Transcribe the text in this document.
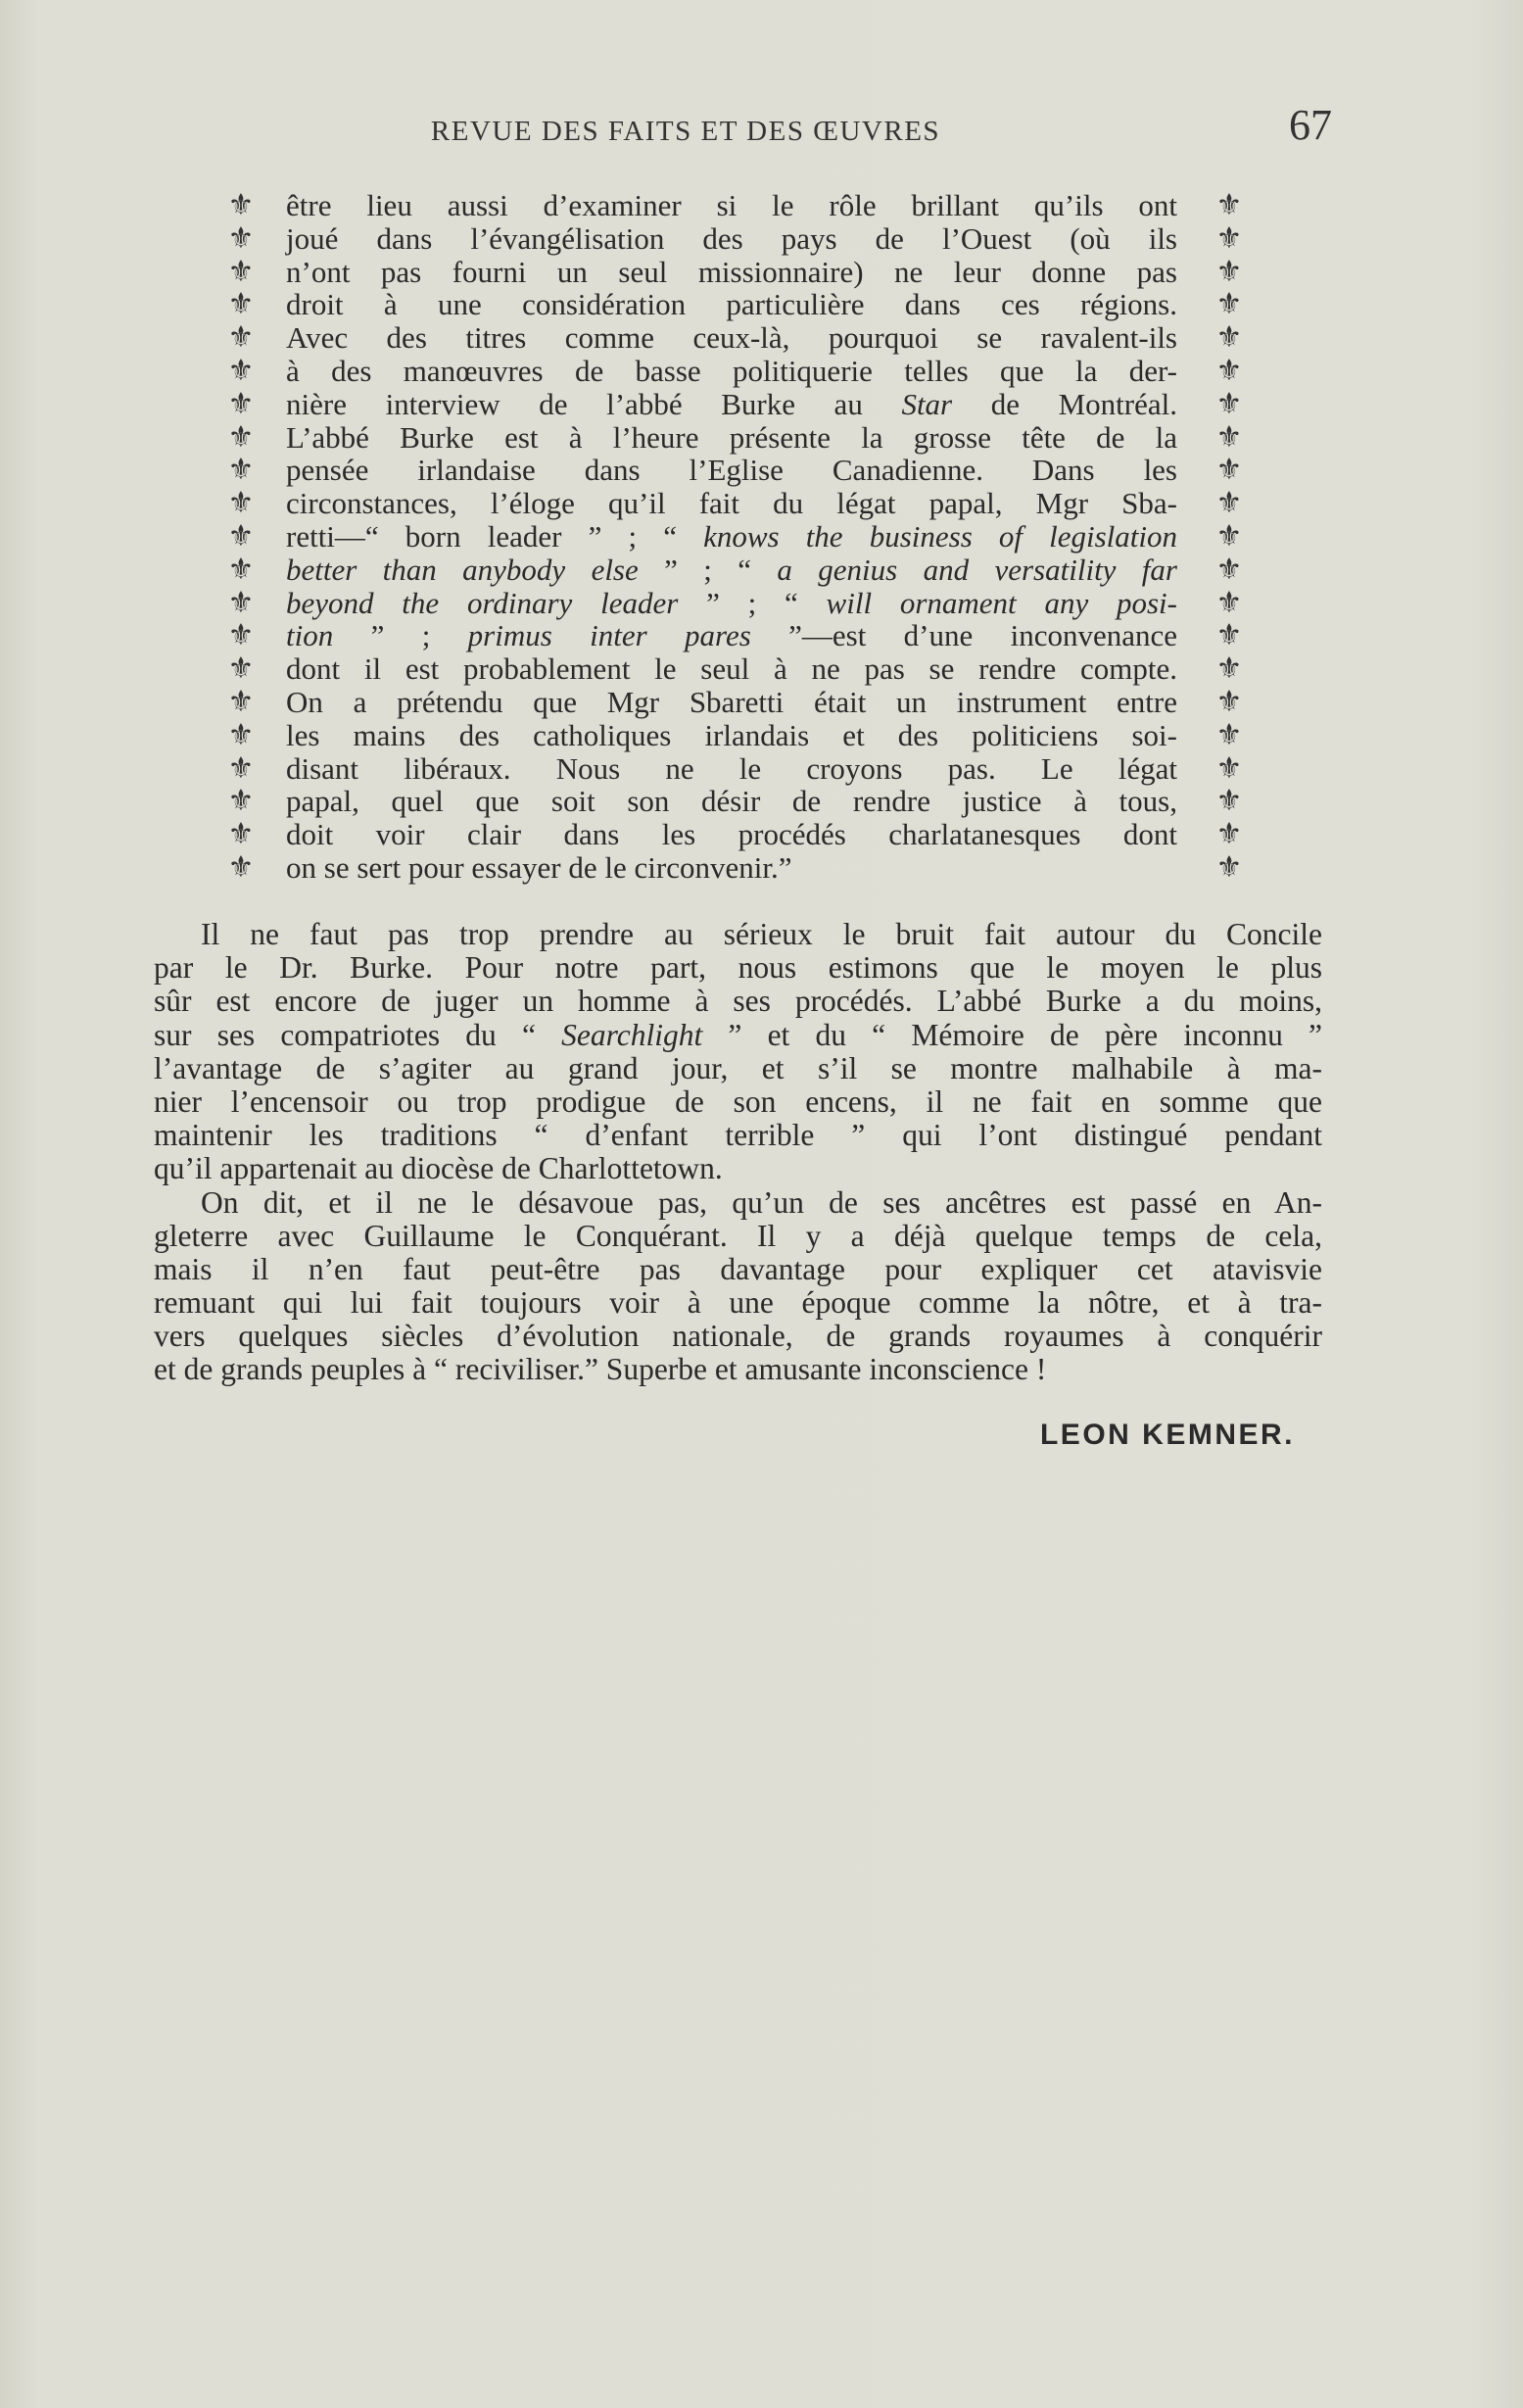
REVUE DES FAITS ET DES ŒUVRES	67
⚜
⚜
⚜
⚜
⚜
⚜
⚜
⚜
⚜
⚜
⚜
⚜
⚜
⚜
⚜
⚜
⚜
⚜
⚜
⚜
⚜
⚜
⚜
⚜
⚜
⚜
⚜
⚜
⚜
⚜
⚜
⚜
⚜
⚜
⚜
⚜
⚜
⚜
⚜
⚜
⚜
⚜
être lieu aussi d’examiner si le rôle brillant qu’ils ont
joué dans l’évangélisation des pays de l’Ouest (où ils
n’ont pas fourni un seul missionnaire) ne leur donne pas
droit à une considération particulière dans ces régions.
Avec des titres comme ceux-là, pourquoi se ravalent-ils
à des manœuvres de basse politiquerie telles que la der-
nière interview de l’abbé Burke au Star de Montréal.
L’abbé Burke est à l’heure présente la grosse tête de la
pensée irlandaise dans l’Eglise Canadienne. Dans les
circonstances, l’éloge qu’il fait du légat papal, Mgr Sba-
retti—“ born leader ” ; “ knows the business of legislation
better than anybody else ” ; “ a genius and versatility far
beyond the ordinary leader ” ; “ will ornament any posi-
tion ” ; primus inter pares ”—est d’une inconvenance
dont il est probablement le seul à ne pas se rendre compte.
On a prétendu que Mgr Sbaretti était un instrument entre
les mains des catholiques irlandais et des politiciens soi-
disant libéraux. Nous ne le croyons pas. Le légat
papal, quel que soit son désir de rendre justice à tous,
doit voir clair dans les procédés charlatanesques dont
on se sert pour essayer de le circonvenir.”
Il ne faut pas trop prendre au sérieux le bruit fait autour du Concile
par le Dr. Burke. Pour notre part, nous estimons que le moyen le plus
sûr est encore de juger un homme à ses procédés. L’abbé Burke a du moins,
sur ses compatriotes du “ Searchlight ” et du “ Mémoire de père inconnu ”
l’avantage de s’agiter au grand jour, et s’il se montre malhabile à ma-
nier l’encensoir ou trop prodigue de son encens, il ne fait en somme que
maintenir les traditions “ d’enfant terrible ” qui l’ont distingué pendant
qu’il appartenait au diocèse de Charlottetown.
On dit, et il ne le désavoue pas, qu’un de ses ancêtres est passé en An-
gleterre avec Guillaume le Conquérant. Il y a déjà quelque temps de cela,
mais il n’en faut peut-être pas davantage pour expliquer cet atavisvie
remuant qui lui fait toujours voir à une époque comme la nôtre, et à tra-
vers quelques siècles d’évolution nationale, de grands royaumes à conquérir
et de grands peuples à “ reciviliser.” Superbe et amusante inconscience !
LEON KEMNER.
